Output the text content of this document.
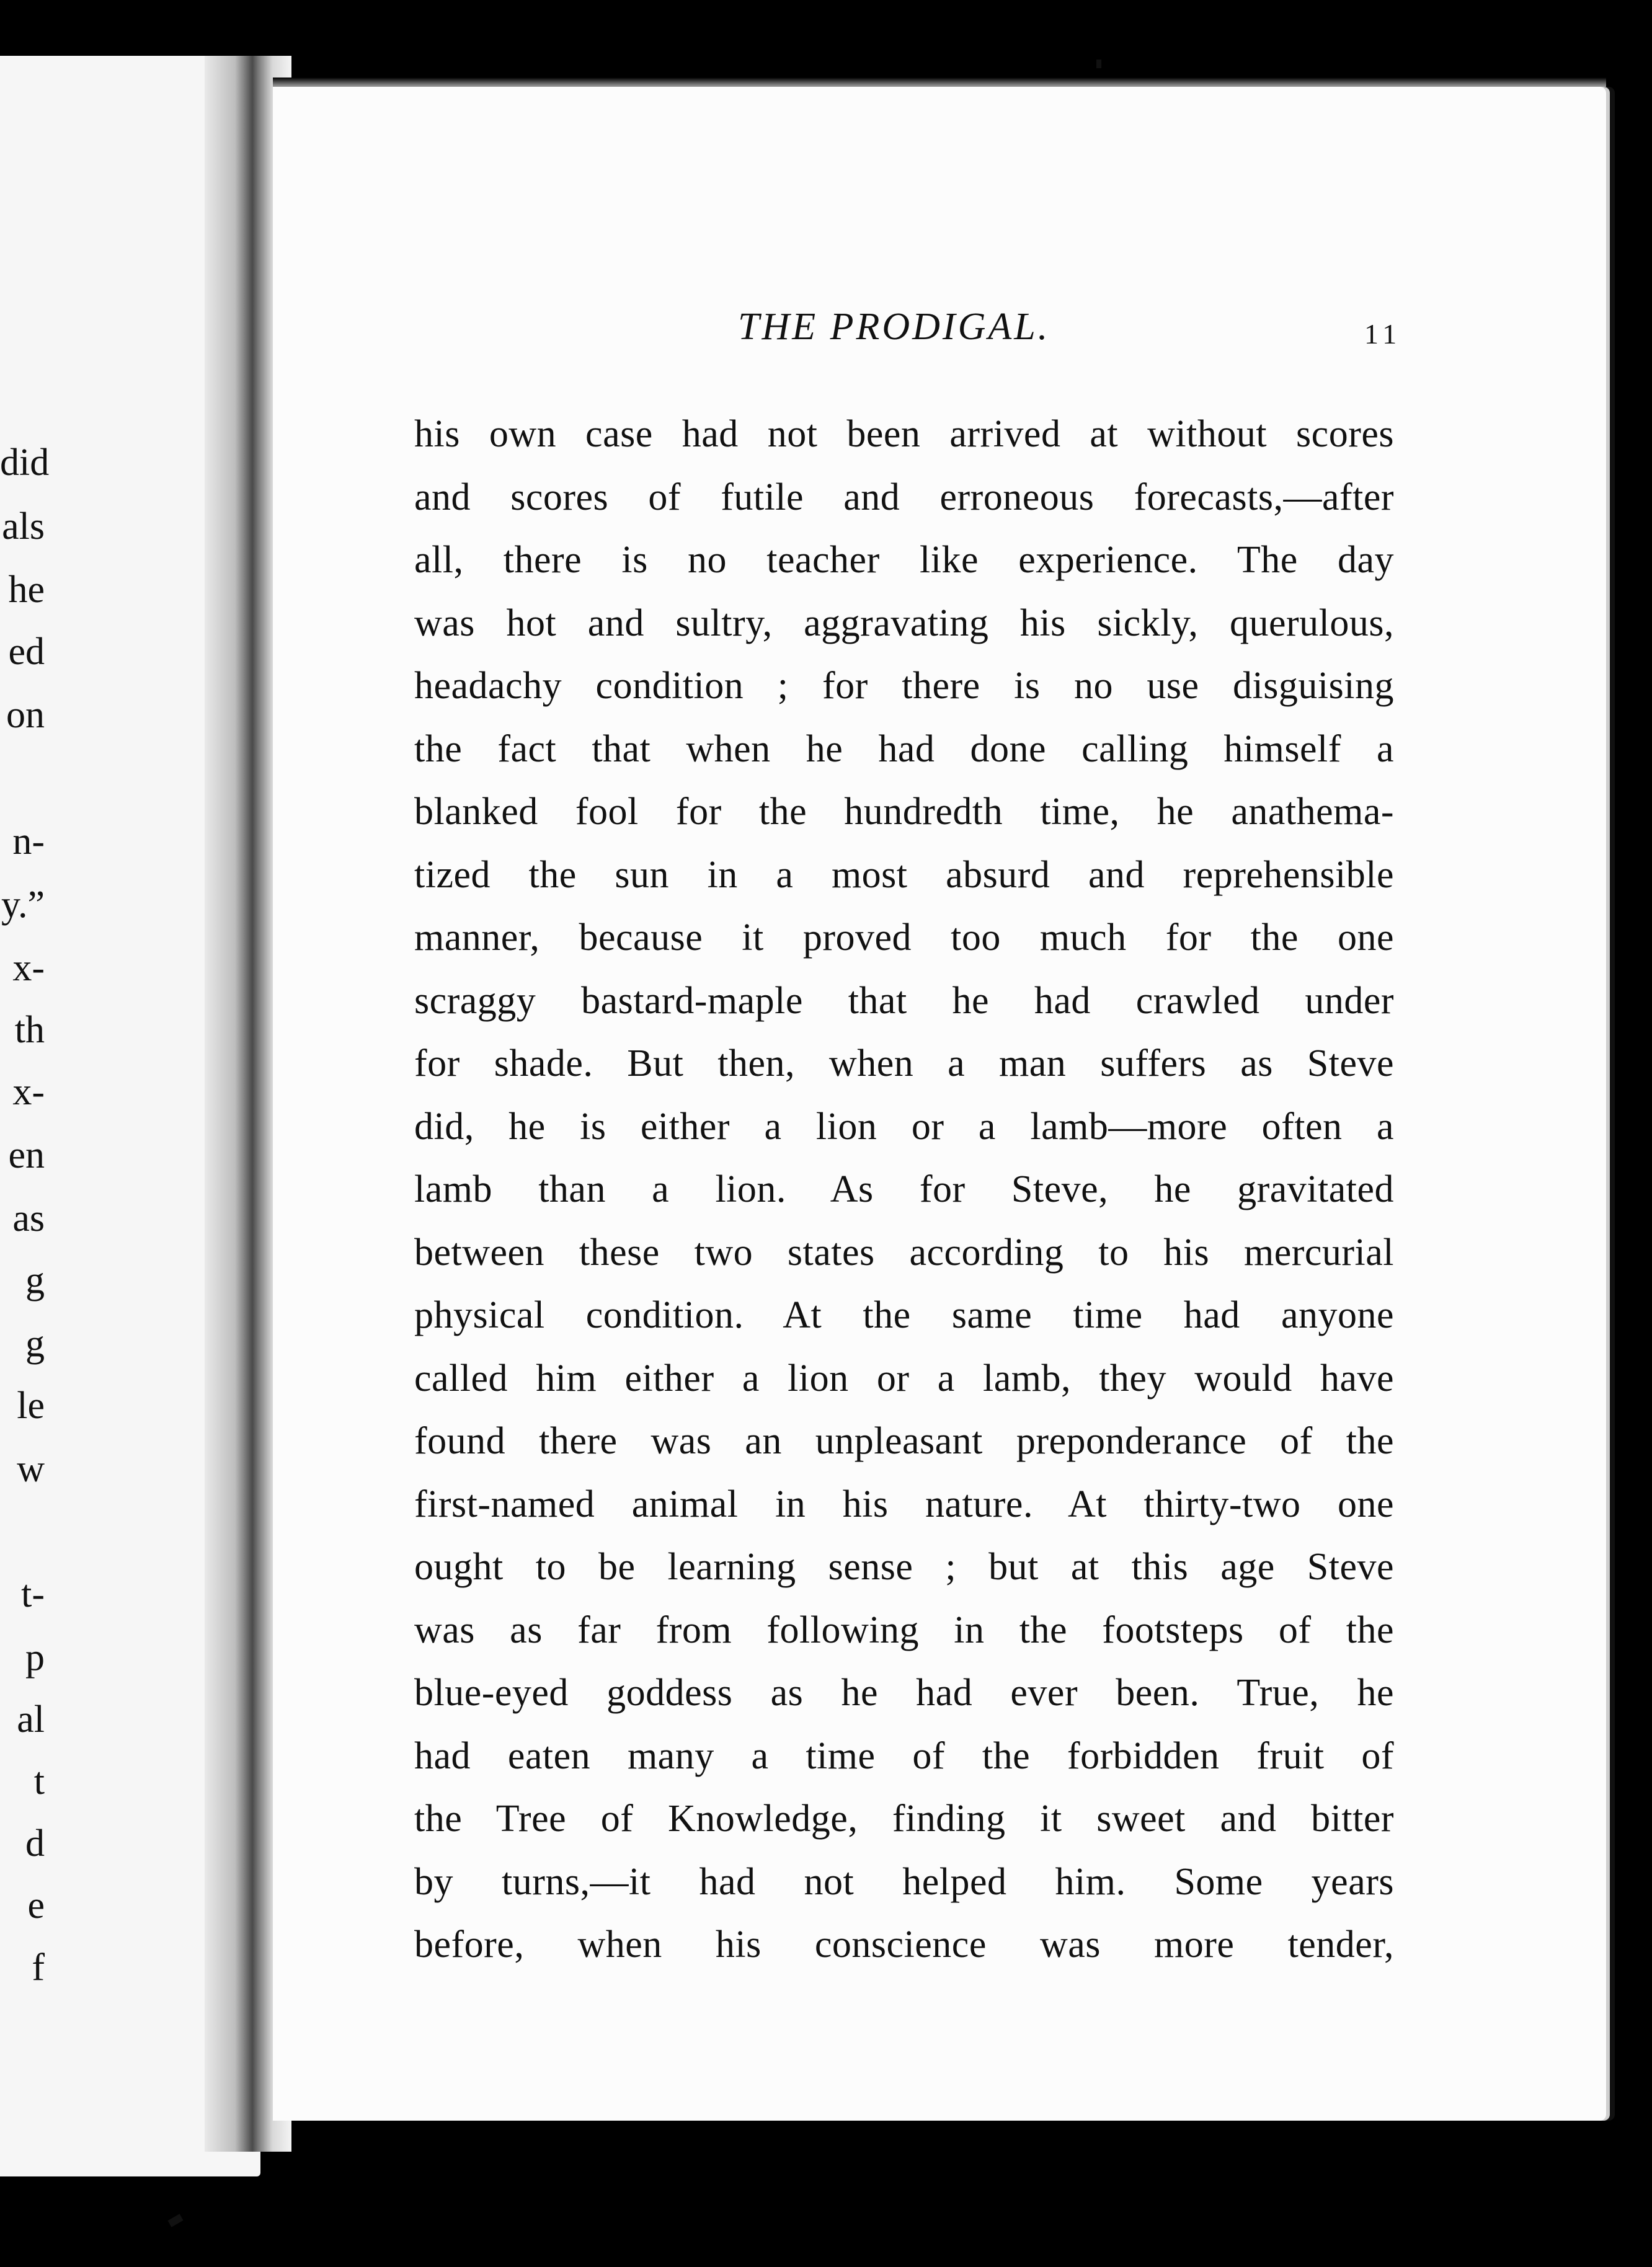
did
als
he
ed
on
n-
y.”
x-
th
x-
en
as
g
g
le
w
t-
p
al
t
d
e
f
THE PRODIGAL.	11
his own case had not been arrived at without scores
and scores of futile and erroneous forecasts,—after
all, there is no teacher like experience. The day
was hot and sultry, aggravating his sickly, querulous,
headachy condition ; for there is no use disguising
the fact that when he had done calling himself a
blanked fool for the hundredth time, he anathema-
tized the sun in a most absurd and reprehensible
manner, because it proved too much for the one
scraggy bastard-maple that he had crawled under
for shade. But then, when a man suffers as Steve
did, he is either a lion or a lamb—more often a
lamb than a lion. As for Steve, he gravitated
between these two states according to his mercurial
physical condition. At the same time had anyone
called him either a lion or a lamb, they would have
found there was an unpleasant preponderance of the
first-named animal in his nature. At thirty-two one
ought to be learning sense ; but at this age Steve
was as far from following in the footsteps of the
blue-eyed goddess as he had ever been. True, he
had eaten many a time of the forbidden fruit of
the Tree of Knowledge, finding it sweet and bitter
by turns,—it had not helped him. Some years
before, when his conscience was more tender,
